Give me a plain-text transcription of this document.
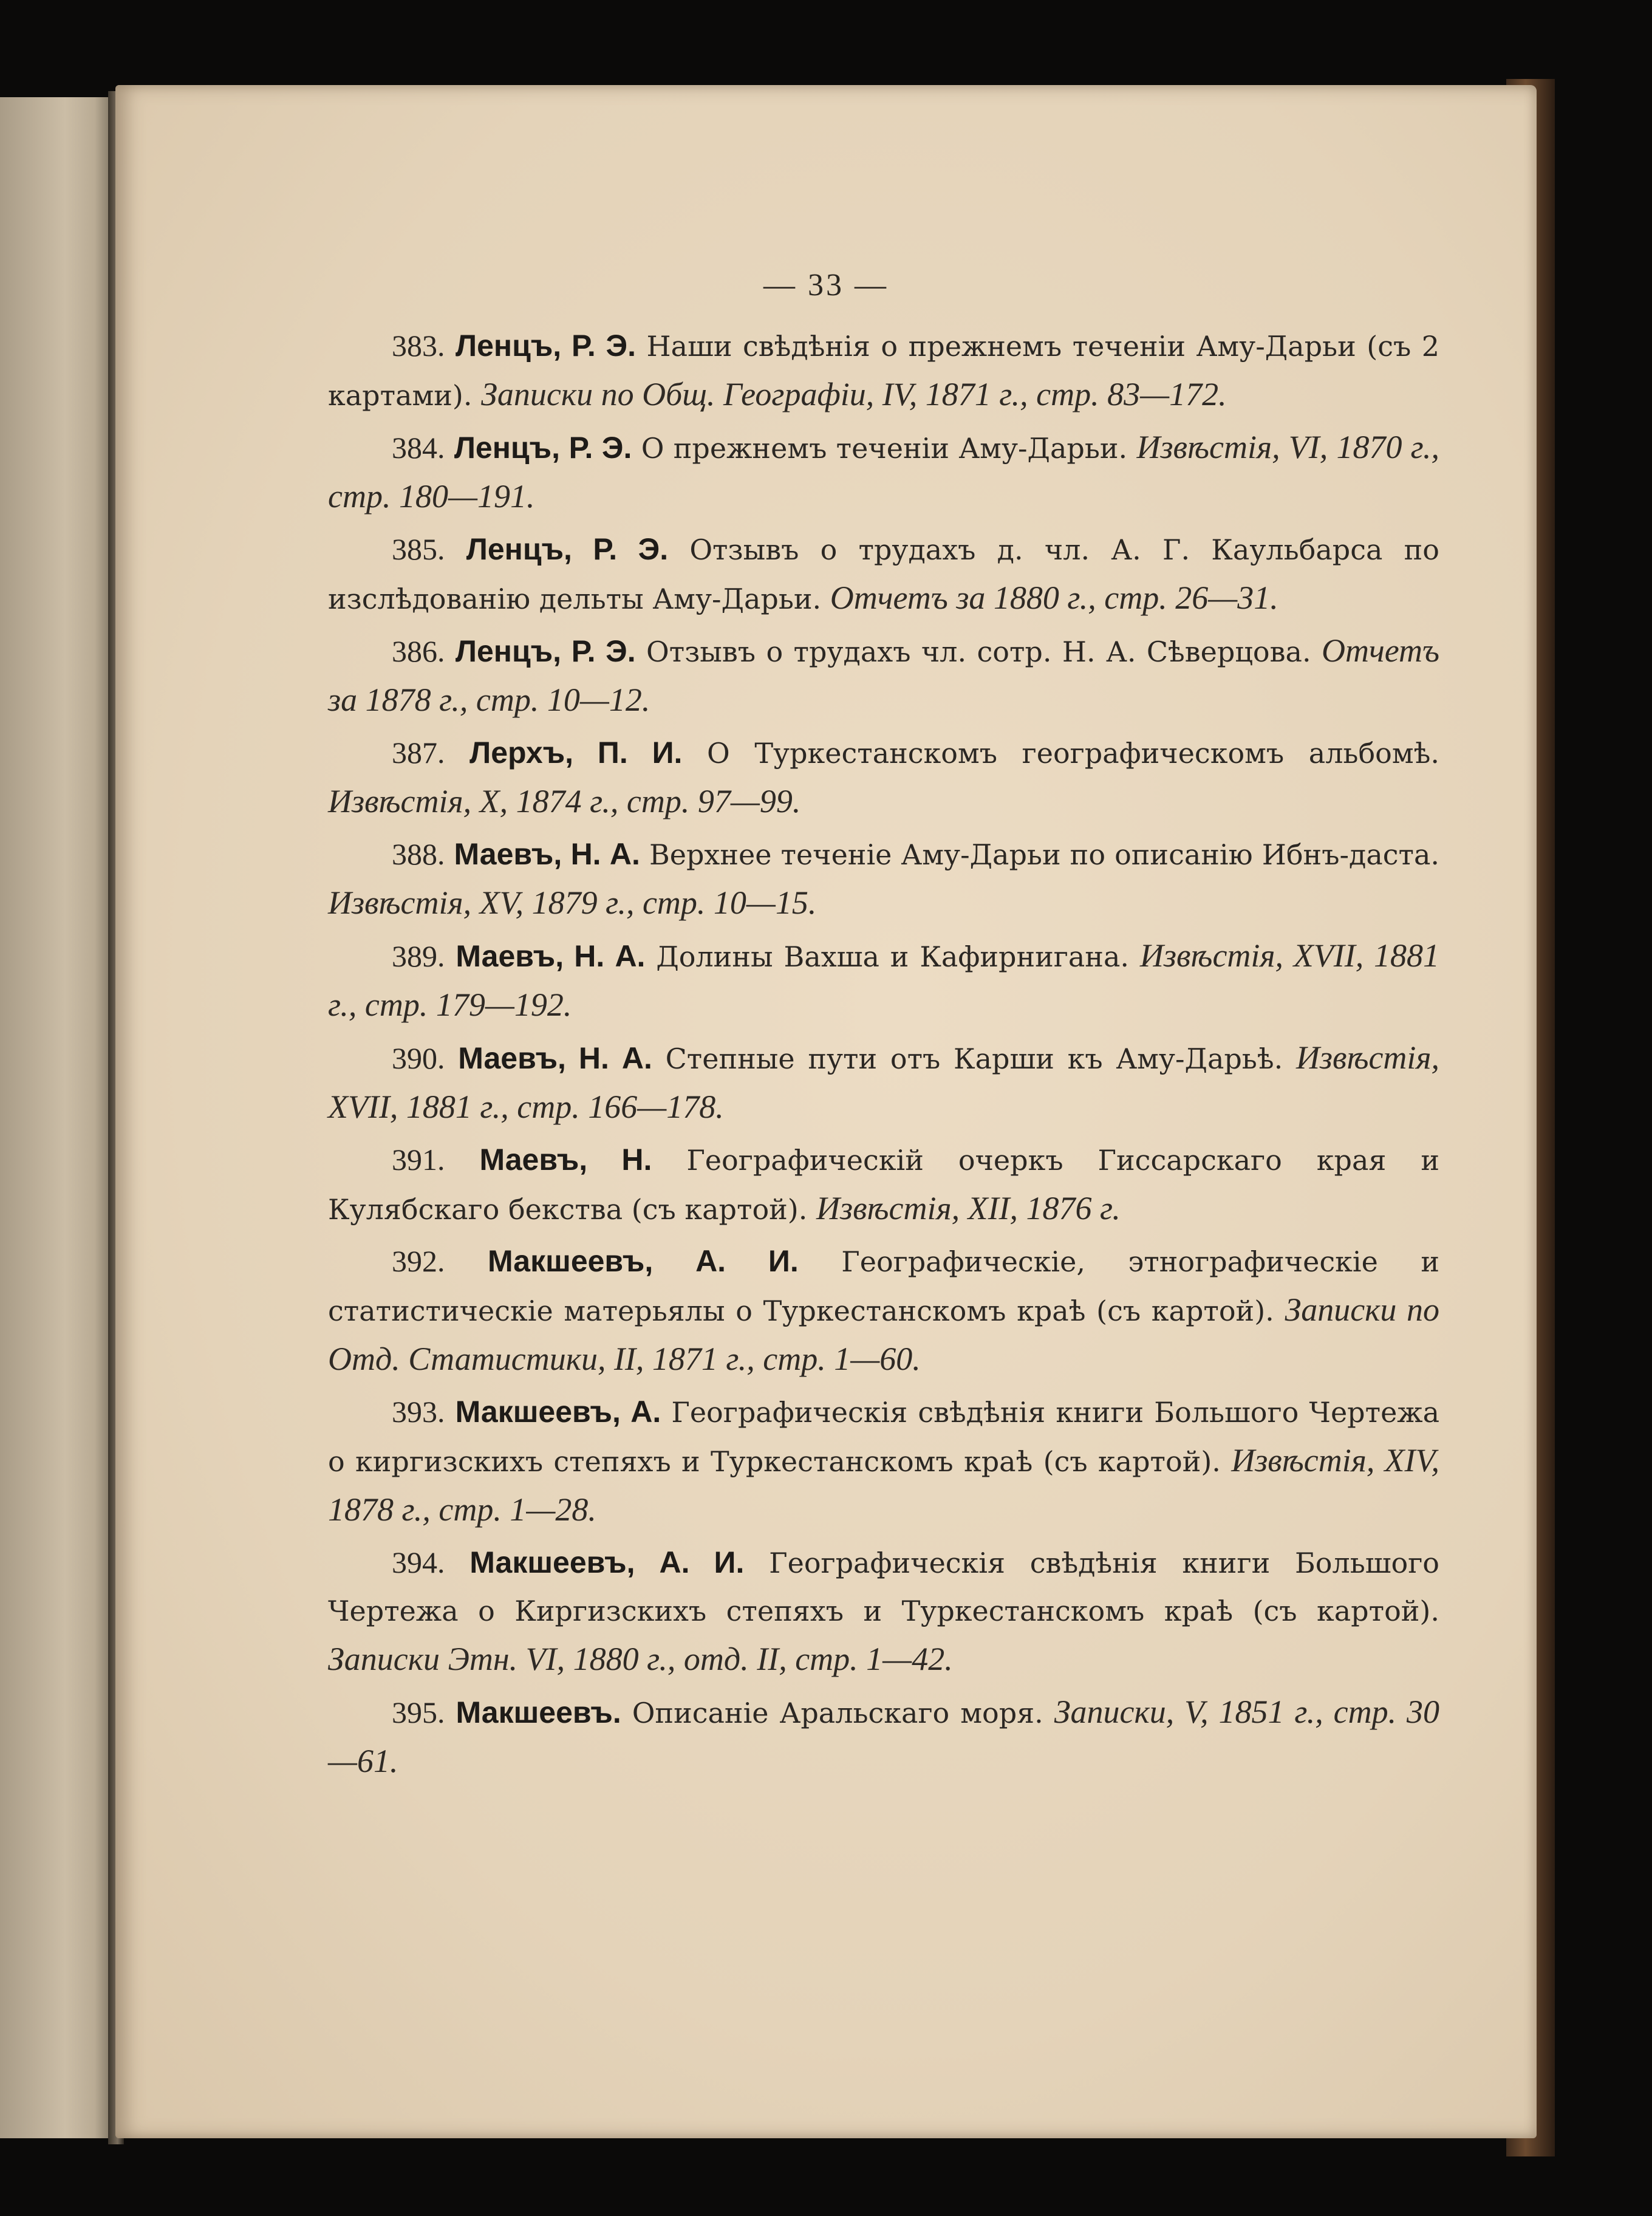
— 33 —

383. Ленцъ, Р. Э. Наши свѣдѣнія о прежнемъ теченіи Аму-Дарьи (съ 2 картами). Записки по Общ. Географіи, IV, 1871 г., стр. 83—172.

384. Ленцъ, Р. Э. О прежнемъ теченіи Аму-Дарьи. Извѣстія, VI, 1870 г., стр. 180—191.

385. Ленцъ, Р. Э. Отзывъ о трудахъ д. чл. А. Г. Каульбарса по изслѣдованію дельты Аму-Дарьи. Отчетъ за 1880 г., стр. 26—31.

386. Ленцъ, Р. Э. Отзывъ о трудахъ чл. сотр. Н. А. Сѣверцова. Отчетъ за 1878 г., стр. 10—12.

387. Лерхъ, П. И. О Туркестанскомъ географическомъ альбомѣ. Извѣстія, X, 1874 г., стр. 97—99.

388. Маевъ, Н. А. Верхнее теченіе Аму-Дарьи по описанію Ибнъ-даста. Извѣстія, XV, 1879 г., стр. 10—15.

389. Маевъ, Н. А. Долины Вахша и Кафирнигана. Извѣстія, XVII, 1881 г., стр. 179—192.

390. Маевъ, Н. А. Степные пути отъ Карши къ Аму-Дарьѣ. Извѣстія, XVII, 1881 г., стр. 166—178.

391. Маевъ, Н. Географическій очеркъ Гиссарскаго края и Кулябскаго бекства (съ картой). Извѣстія, XII, 1876 г.

392. Макшеевъ, А. И. Географическіе, этнографическіе и статистическіе матерьялы о Туркестанскомъ краѣ (съ картой). Записки по Отд. Статистики, II, 1871 г., стр. 1—60.

393. Макшеевъ, А. Географическія свѣдѣнія книги Большого Чертежа о киргизскихъ степяхъ и Туркестанскомъ краѣ (съ картой). Извѣстія, XIV, 1878 г., стр. 1—28.

394. Макшеевъ, А. И. Географическія свѣдѣнія книги Большого Чертежа о Киргизскихъ степяхъ и Туркестанскомъ краѣ (съ картой). Записки Этн. VI, 1880 г., отд. II, стр. 1—42.

395. Макшеевъ. Описаніе Аральскаго моря. Записки, V, 1851 г., стр. 30—61.
